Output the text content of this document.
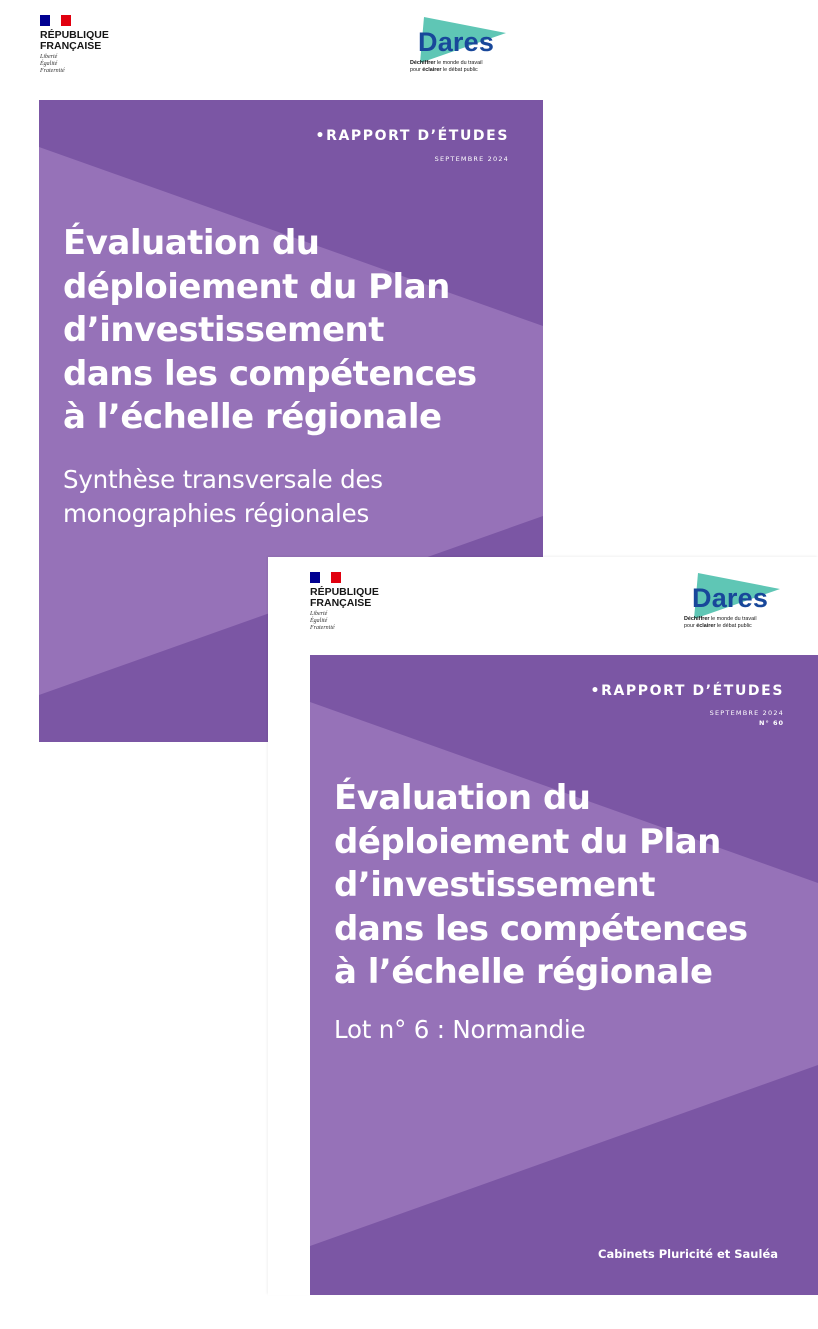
RÉPUBLIQUE
FRANÇAISE
Liberté
Égalité
Fraternité
Dares
Déchiffrer le monde du travail
pour éclairer le débat public
•RAPPORT D’ÉTUDES
SEPTEMBRE 2024
Évaluation du
déploiement du Plan
d’investissement
dans les compétences
à l’échelle régionale
Synthèse transversale des
monographies régionales
RÉPUBLIQUE
FRANÇAISE
Liberté
Égalité
Fraternité
Dares
Déchiffrer le monde du travail
pour éclairer le débat public
•RAPPORT D’ÉTUDES
SEPTEMBRE 2024
N° 60
Évaluation du
déploiement du Plan
d’investissement
dans les compétences
à l’échelle régionale
Lot n° 6 : Normandie
Cabinets Pluricité et Sauléa
